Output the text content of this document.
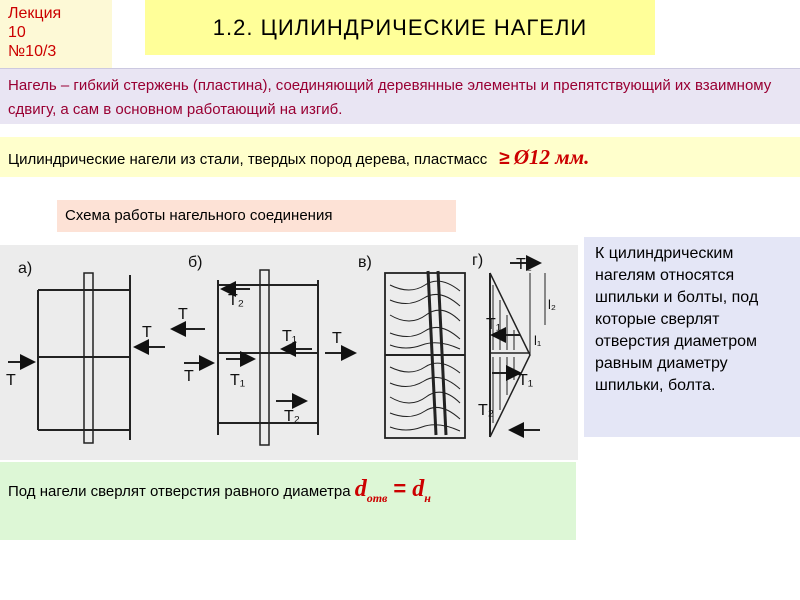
Лекция
10
№10/3
1.2. ЦИЛИНДРИЧЕСКИЕ НАГЕЛИ
Нагель – гибкий стержень (пластина), соединяющий деревянные элементы и препятствующий их взаимному сдвигу, а сам в основном работающий на изгиб.
Цилиндрические нагели из стали, твердых пород дерева, пластмасс ≥ Ø12 мм.
Схема работы нагельного соединения
а)	б)	в)	г)
T
T
T
T
T₂
T₁
T₁
T₂
T
T₂
T₁
T₁
T₂
l₂
l₁
К цилиндрическим нагелям относятся шпильки и болты, под которые сверлят отверстия диаметром равным диаметру шпильки, болта.
Под нагели сверлят отверстия равного диаметра $d_{отв} = d_н$
